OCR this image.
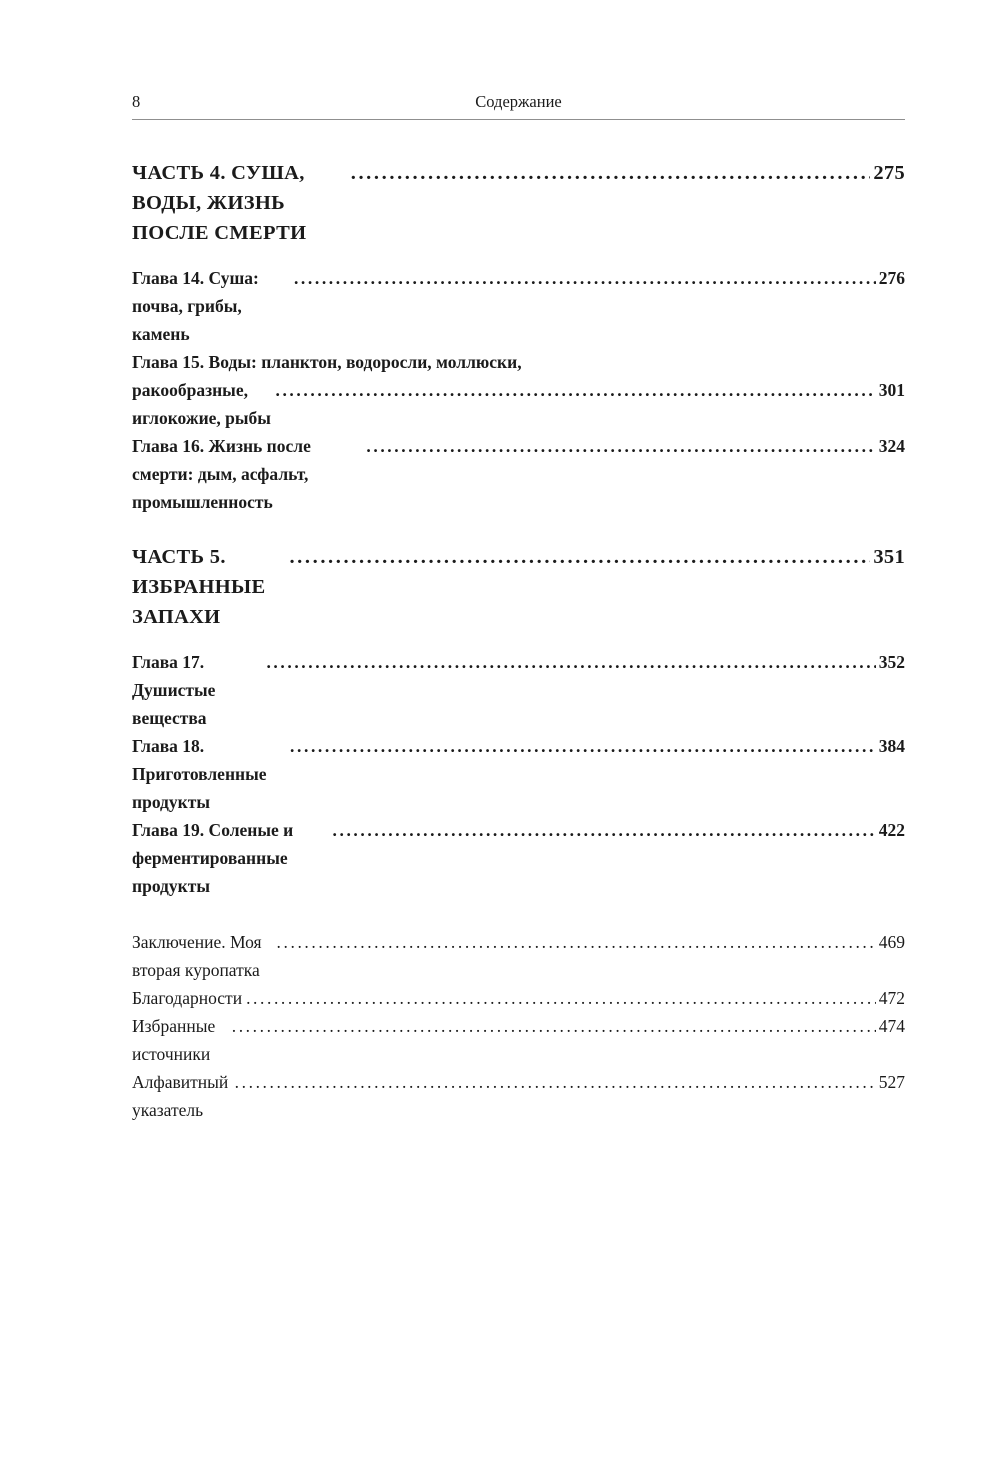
8	Содержание
ЧАСТЬ 4. СУША, ВОДЫ, ЖИЗНЬ ПОСЛЕ СМЕРТИ
.....
275
Глава 14. Суша: почва, грибы, камень
.....
276
Глава 15. Воды: планктон, водоросли, моллюски,
ракообразные, иглокожие, рыбы
.....
301
Глава 16. Жизнь после смерти: дым, асфальт, промышленность
.....
324
ЧАСТЬ 5. ИЗБРАННЫЕ ЗАПАХИ
.....
351
Глава 17. Душистые вещества
.....
352
Глава 18. Приготовленные продукты
.....
384
Глава 19. Соленые и ферментированные продукты
.....
422
Заключение. Моя вторая куропатка
.....
469
Благодарности .....	472
Избранные источники
.....
474
Алфавитный указатель
.....
527
